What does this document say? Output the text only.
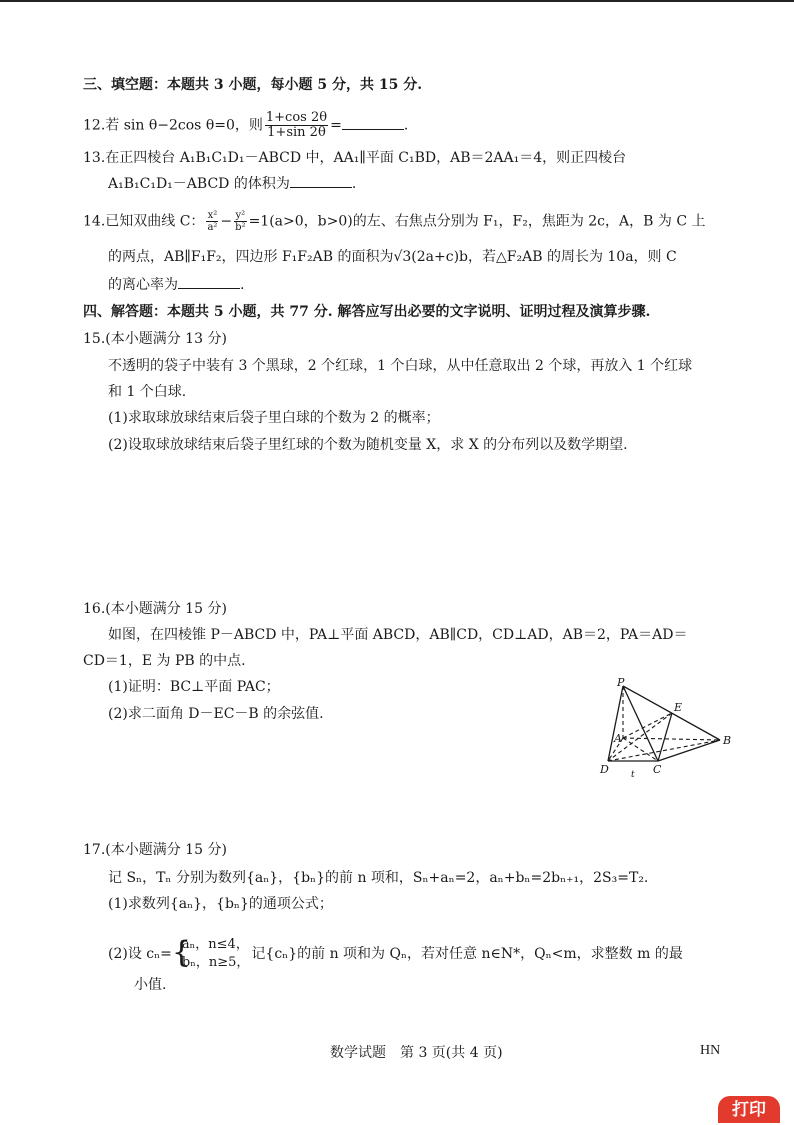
三、填空题：本题共 3 小题，每小题 5 分，共 15 分.
12.若 sin θ−2cos θ=0，则 $\frac{1+\cos 2\theta}{1+\sin 2\theta}$ =	.
13.在正四棱台 A₁B₁C₁D₁－ABCD 中，AA₁∥平面 C₁BD，AB＝2AA₁＝4，则正四棱台
A₁B₁C₁D₁－ABCD 的体积为	.
14.已知双曲线 C： $\frac{\text{x²}}{\text{a²}} - \frac{\text{y²}}{\text{b²}} =1(a>0$，b>0)的左、右焦点分别为 F₁，F₂，焦距为 2c，A，B 为 C 上
的两点，AB∥F₁F₂，四边形 F₁F₂AB 的面积为√3(2a+c)b，若△F₂AB 的周长为 10a，则 C
的离心率为	.
四、解答题：本题共 5 小题，共 77 分. 解答应写出必要的文字说明、证明过程及演算步骤.
15.(本小题满分 13 分)
不透明的袋子中装有 3 个黑球，2 个红球，1 个白球，从中任意取出 2 个球，再放入 1 个红球
和 1 个白球.
(1)求取球放球结束后袋子里白球的个数为 2 的概率；
(2)设取球放球结束后袋子里红球的个数为随机变量 X，求 X 的分布列以及数学期望.
16.(本小题满分 15 分)
如图，在四棱锥 P－ABCD 中，PA⊥平面 ABCD，AB∥CD，CD⊥AD，AB＝2，PA＝AD＝
CD＝1，E 为 PB 的中点.
(1)证明：BC⊥平面 PAC；
(2)求二面角 D－EC－B 的余弦值.
P
E
A	B
D	C
t
17.(本小题满分 15 分)
记 Sₙ，Tₙ 分别为数列{aₙ}，{bₙ}的前 n 项和，Sₙ+aₙ=2，aₙ+bₙ=2bₙ₊₁，2S₃=T₂.
(1)求数列{aₙ}，{bₙ}的通项公式；
(2)设 cₙ= {
aₙ，n≤4，
bₙ，n≥5，
记{cₙ}的前 n 项和为 Qₙ，若对任意 n∈N*，Qₙ<m，求整数 m 的最
小值.
数学试题　第 3 页(共 4 页)	HN
打印
